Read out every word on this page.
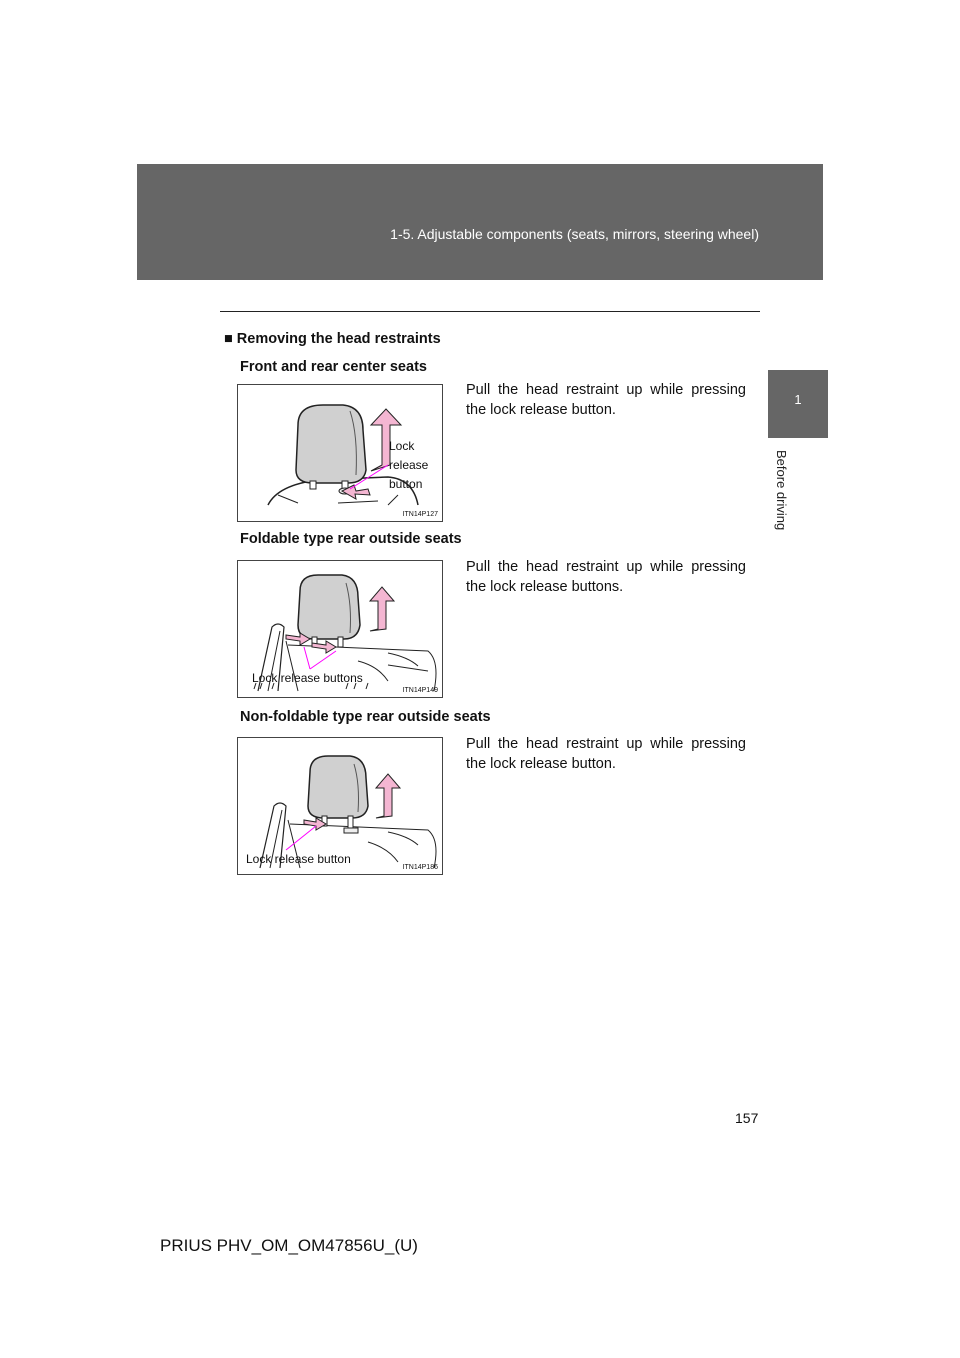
1-5. Adjustable components (seats, mirrors, steering wheel)
1
Before driving
■ Removing the head restraints
Front and rear center seats
Pull the head restraint up while pressing the lock release button.
Lock
release
button
ITN14P127
Foldable type rear outside seats
Pull the head restraint up while pressing the lock release buttons.
Lock release buttons
ITN14P149
Non-foldable type rear outside seats
Pull the head restraint up while pressing the lock release button.
Lock release button
ITN14P186
157
PRIUS PHV_OM_OM47856U_(U)
